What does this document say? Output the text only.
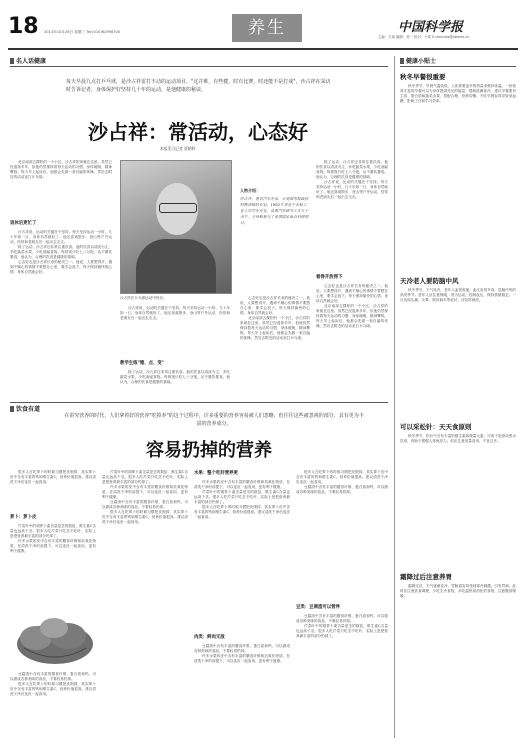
18 2013年10月26日 星期三 Tel:(010)62998700	养生	中国科学报
主编：王硕 编辑：张一 校对：小周 E-mail:zhs@stimes.cn
名人话健康
每天早晨九点打乒乓球，是沙占祥雷打不动的运动项目。"这并难，有些健，时有比赛，时还能不是打成"，沙占祥在采访时告诉记者，身体保护好坚持几十年的运动，是他健康的秘诀。
沙占祥：常活动，心态好
本报见习记者 贾朝辉

北京南部五棵松的一个小区，沙占祥的家就在这里。虽然已经退休多年，但他仍然保持着每天运动的习惯，身体硬朗，精神矍铄。每天早上起床后，他都会先做一套自编的体操，然后去附近的活动室打乒乓球。

退休后更忙了

沙占祥说，运动的关键在于坚持。每天坚持运动一小时，几十年如一日，身体自然就好了。他还喜欢散步、登山等户外运动，经常和老朋友们一起出去走走。

除了运动，沙占祥还非常注重饮食。他的饮食以清淡为主，多吃蔬菜水果，少吃油腻食物。每顿饭只吃七八分饱，从不暴饮暴食。他认为，合理的饮食是健康的基础。

心态好也是沙占祥长寿的秘诀之一。他说，人要想得开，遇到不顺心的事情不要憋在心里，要学会放下。每天保持愉快的心情，身体自然就会好。

沙占祥在乒乓球运动中快乐。
人物介绍：
沙占祥，著名汽车专家，享受国务院政府特殊津贴的专家。1962年毕业于吉林工业大学汽车专业，从事汽车研究工作五十余年，主持和参与了多项国家重点科研项目。

沙占祥说，运动的关键在于坚持。每天坚持运动一小时，几十年如一日，身体自然就好了。他还喜欢散步、登山等户外运动，经常和老朋友们一起出去走走。

教学生练"锤、点、变"

除了运动，沙占祥还非常注重饮食。他的饮食以清淡为主，多吃蔬菜水果，少吃油腻食物。每顿饭只吃七八分饱，从不暴饮暴食。他认为，合理的饮食是健康的基础。

心态好也是沙占祥长寿的秘诀之一。他说，人要想得开，遇到不顺心的事情不要憋在心里，要学会放下。每天保持愉快的心情，身体自然就会好。

北京南部五棵松的一个小区，沙占祥的家就在这里。虽然已经退休多年，但他仍然保持着每天运动的习惯，身体硬朗，精神矍铄。每天早上起床后，他都会先做一套自编的体操，然后去附近的活动室打乒乓球。

除了运动，沙占祥还非常注重饮食。他的饮食以清淡为主，多吃蔬菜水果，少吃油腻食物。每顿饭只吃七八分饱，从不暴饮暴食。他认为，合理的饮食是健康的基础。

沙占祥说，运动的关键在于坚持。每天坚持运动一小时，几十年如一日，身体自然就好了。他还喜欢散步、登山等户外运动，经常和老朋友们一起出去走走。

看得开放得下

心态好也是沙占祥长寿的秘诀之一。他说，人要想得开，遇到不顺心的事情不要憋在心里，要学会放下。每天保持愉快的心情，身体自然就会好。

北京南部五棵松的一个小区，沙占祥的家就在这里。虽然已经退休多年，但他仍然保持着每天运动的习惯，身体硬朗，精神矍铄。每天早上起床后，他都会先做一套自编的体操，然后去附近的活动室打乒乓球。

饮食有道
在讲究营养的时代，人们拿着好的营养"吃掉养"的这个过程中，许多重要的营养容易被人们忽略，但往往这些被忽视的部分，具有更为丰富的营养成分。
容易扔掉的营养

很多人在吃萝卜的时候习惯把皮削掉，其实萝卜皮中含有丰富的钙和维生素C，营养价值很高。建议清洗干净后连皮一起食用。

萝卜：萝卜皮

芹菜叶中的胡萝卜素含量是茎的数倍，维生素C含量也远高于茎。很多人吃芹菜只吃茎不吃叶，实际上是把营养最丰富的部分扔掉了。

许多水果的皮中含有丰富的膳食纤维和抗氧化物质，在清洗干净的前提下，可以连皮一起食用，更有利于健康。

豆腐渣中含有丰富的膳食纤维、蛋白质和钙，可以做成各种美味的食品，不要轻易扔掉。

很多人在吃萝卜的时候习惯把皮削掉，其实萝卜皮中含有丰富的钙和维生素C，营养价值很高。建议清洗干净后连皮一起食用。

芹菜叶中的胡萝卜素含量是茎的数倍，维生素C含量也远高于茎。很多人吃芹菜只吃茎不吃叶，实际上是把营养最丰富的部分扔掉了。

许多水果的皮中含有丰富的膳食纤维和抗氧化物质，在清洗干净的前提下，可以连皮一起食用，更有利于健康。

豆腐渣中含有丰富的膳食纤维、蛋白质和钙，可以做成各种美味的食品，不要轻易扔掉。

很多人在吃萝卜的时候习惯把皮削掉，其实萝卜皮中含有丰富的钙和维生素C，营养价值很高。建议清洗干净后连皮一起食用。

水果：整个吃好营养更

许多水果的皮中含有丰富的膳食纤维和抗氧化物质，在清洗干净的前提下，可以连皮一起食用，更有利于健康。

芹菜叶中的胡萝卜素含量是茎的数倍，维生素C含量也远高于茎。很多人吃芹菜只吃茎不吃叶，实际上是把营养最丰富的部分扔掉了。

很多人在吃萝卜的时候习惯把皮削掉，其实萝卜皮中含有丰富的钙和维生素C，营养价值很高。建议清洗干净后连皮一起食用。

肉类：鲜肉无敌

豆腐渣中含有丰富的膳食纤维、蛋白质和钙，可以做成各种美味的食品，不要轻易扔掉。

许多水果的皮中含有丰富的膳食纤维和抗氧化物质，在清洗干净的前提下，可以连皮一起食用，更有利于健康。

很多人在吃萝卜的时候习惯把皮削掉，其实萝卜皮中含有丰富的钙和维生素C，营养价值很高。建议清洗干净后连皮一起食用。

豆腐渣中含有丰富的膳食纤维、蛋白质和钙，可以做成各种美味的食品，不要轻易扔掉。

豆类：豆腐渣可以营养

豆腐渣中含有丰富的膳食纤维、蛋白质和钙，可以做成各种美味的食品，不要轻易扔掉。

芹菜叶中的胡萝卜素含量是茎的数倍，维生素C含量也远高于茎。很多人吃芹菜只吃茎不吃叶，实际上是把营养最丰富的部分扔掉了。

健康小贴士
秋冬早餐很重要

秋冬季节，早晨气温较低，人体需要更多的热量来维持体温。一份营养丰富的早餐可以为身体提供充足的能量，帮助抵御寒冷。建议早餐要有主食、蛋白质和蔬菜水果，搭配合理，营养均衡。不吃早餐容易导致低血糖，影响工作和学习效率。

天冷老人要防脑中风

秋冬季节，天气转冷，老年人血管收缩，血压容易升高，是脑中风的高发季节。老年人应注意保暖，适当运动，控制血压，保持情绪稳定。一旦出现头痛、头晕、肢体麻木等症状，应及时就医。

可以采松针：天天食原则

秋冬季节，松针中含有丰富的维生素和微量元素，可用于泡茶或煮水饮用，有助于增强人体免疫力。但应注意适量食用，不宜过多。

霜降过后注意养胃

霜降过后，天气逐渐变冷，胃肠道容易受到寒冷刺激，引发胃病。此时应注意饮食调理，少吃生冷食物，多吃温热易消化的食物，注意腹部保暖。
